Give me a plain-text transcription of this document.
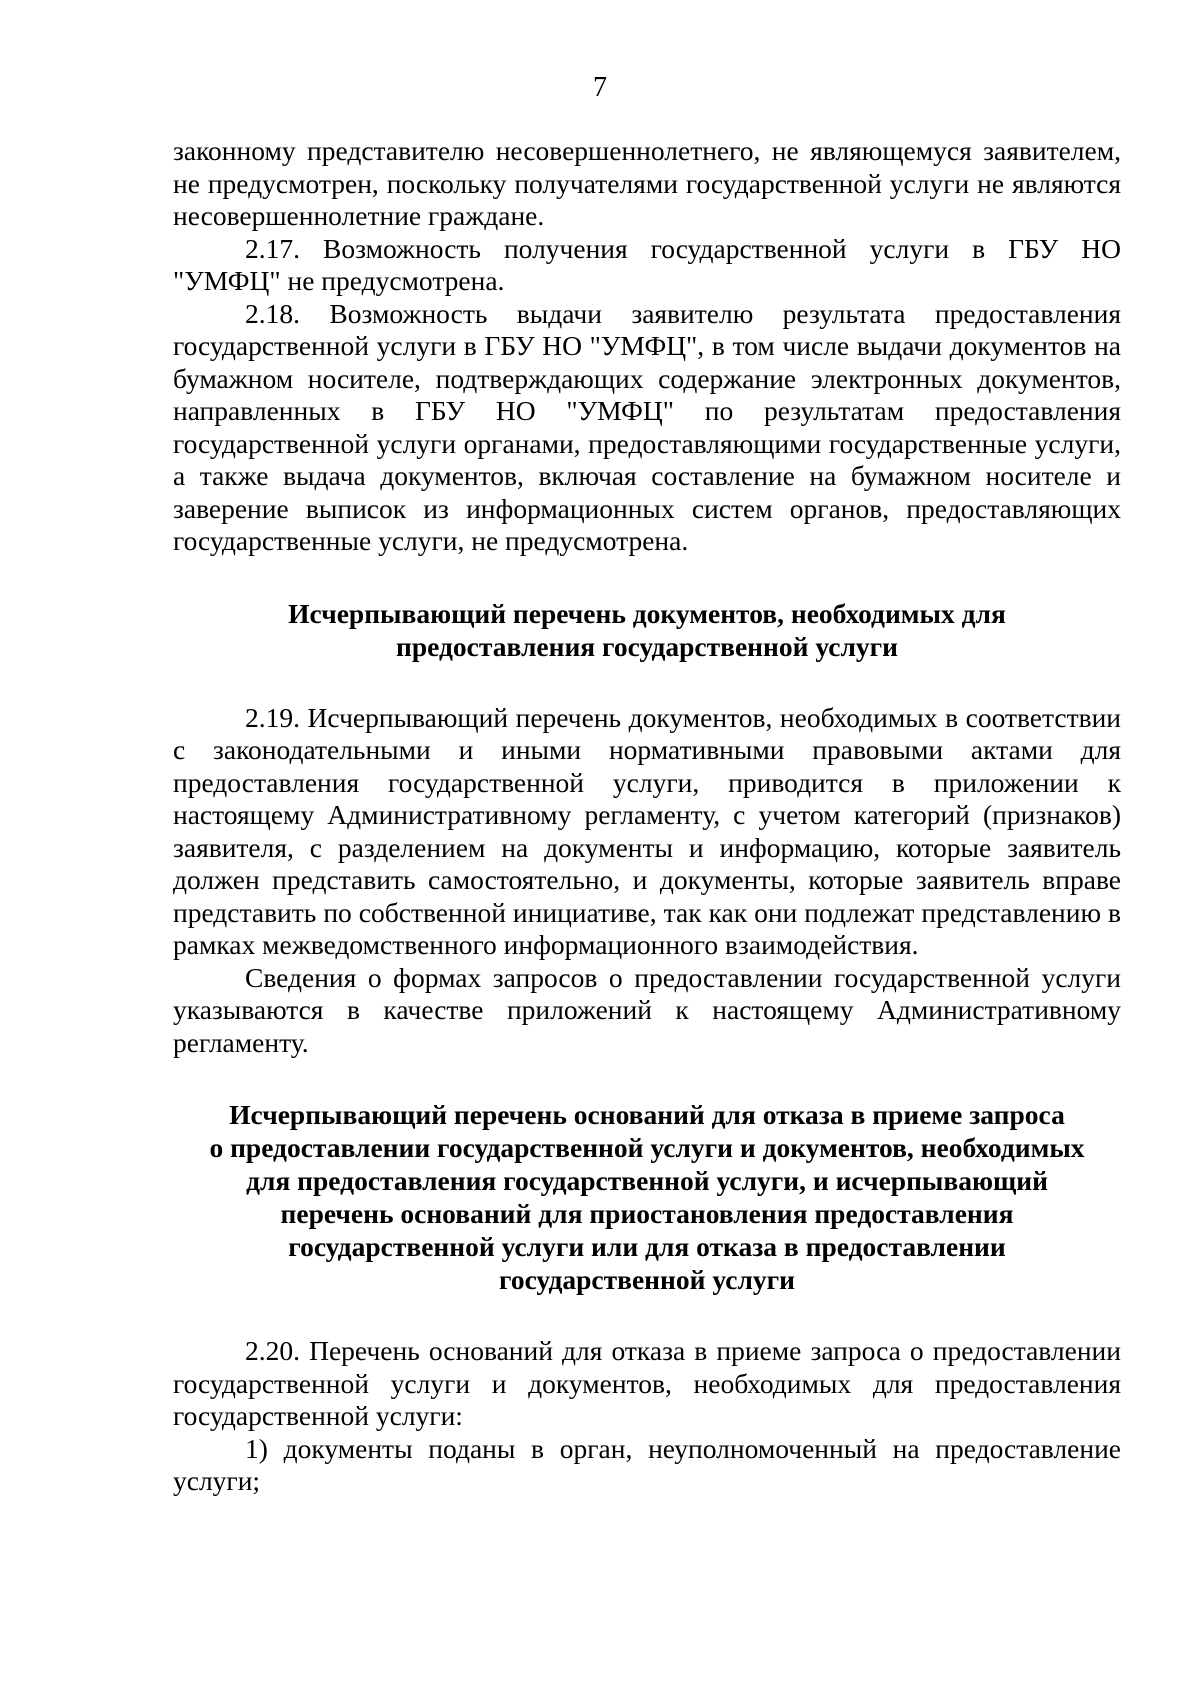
7

законному представителю несовершеннолетнего, не являющемуся заявителем, не предусмотрен, поскольку получателями государственной услуги не являются несовершеннолетние граждане.

2.17. Возможность получения государственной услуги в ГБУ НО "УМФЦ" не предусмотрена.

2.18. Возможность выдачи заявителю результата предоставления государственной услуги в ГБУ НО "УМФЦ", в том числе выдачи документов на бумажном носителе, подтверждающих содержание электронных документов, направленных в ГБУ НО "УМФЦ" по результатам предоставления государственной услуги органами, предоставляющими государственные услуги, а также выдача документов, включая составление на бумажном носителе и заверение выписок из информационных систем органов, предоставляющих государственные услуги, не предусмотрена.

Исчерпывающий перечень документов, необходимых для
предоставления государственной услуги

2.19. Исчерпывающий перечень документов, необходимых в соответствии с законодательными и иными нормативными правовыми актами для предоставления государственной услуги, приводится в приложении к настоящему Административному регламенту, с учетом категорий (признаков) заявителя, с разделением на документы и информацию, которые заявитель должен представить самостоятельно, и документы, которые заявитель вправе представить по собственной инициативе, так как они подлежат представлению в рамках межведомственного информационного взаимодействия.

Сведения о формах запросов о предоставлении государственной услуги указываются в качестве приложений к настоящему Административному регламенту.

Исчерпывающий перечень оснований для отказа в приеме запроса
о предоставлении государственной услуги и документов, необходимых
для предоставления государственной услуги, и исчерпывающий
перечень оснований для приостановления предоставления
государственной услуги или для отказа в предоставлении
государственной услуги

2.20. Перечень оснований для отказа в приеме запроса о предоставлении государственной услуги и документов, необходимых для предоставления государственной услуги:

1) документы поданы в орган, неуполномоченный на предоставление услуги;
